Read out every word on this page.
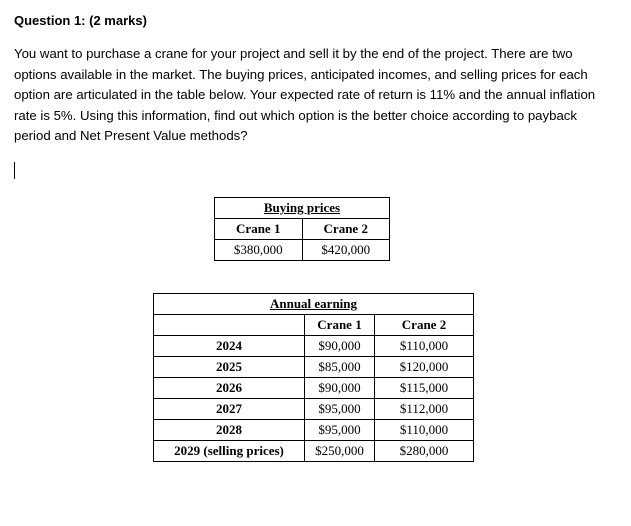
Question 1: (2 marks)

You want to purchase a crane for your project and sell it by the end of the project. There are two options available in the market. The buying prices, anticipated incomes, and selling prices for each option are articulated in the table below. Your expected rate of return is 11% and the annual inflation rate is 5%. Using this information, find out which option is the better choice according to payback period and Net Present Value methods?

Buying prices	
Crane 1	Crane 2
$380,000	$420,000
Annual earning		
	Crane 1	Crane 2
2024	$90,000	$110,000
2025	$85,000	$120,000
2026	$90,000	$115,000
2027	$95,000	$112,000
2028	$95,000	$110,000
2029 (selling prices)	$250,000	$280,000
